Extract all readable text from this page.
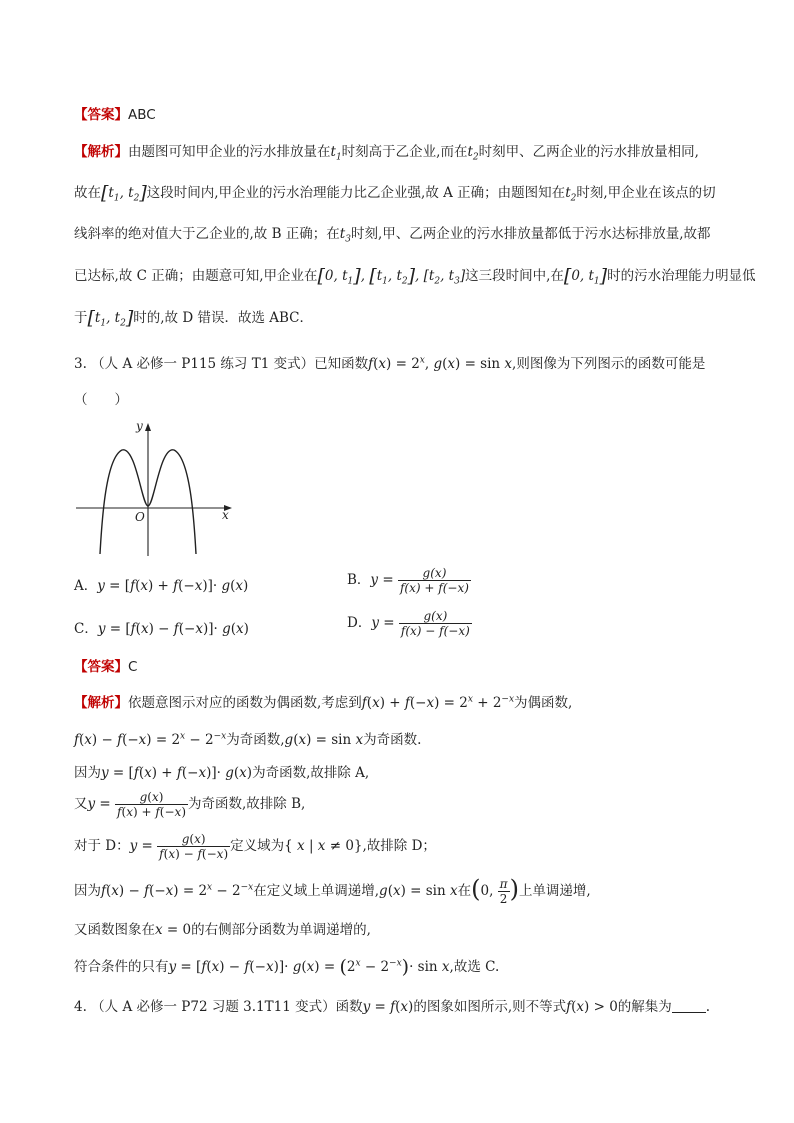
【答案】ABC
【解析】由题图可知甲企业的污水排放量在$t_1$时刻高于乙企业,而在$t_2$时刻甲、乙两企业的污水排放量相同,
故在[$t_1$, $t_2$]这段时间内,甲企业的污水治理能力比乙企业强,故 A 正确；由题图知在$t_2$时刻,甲企业在该点的切
线斜率的绝对值大于乙企业的,故 B 正确；在$t_3$时刻,甲、乙两企业的污水排放量都低于污水达标排放量,故都
已达标,故 C 正确；由题意可知,甲企业在[0, $t_1$], [$t_1$, $t_2$], [$t_2$, $t_3$]这三段时间中,在[0, $t_1$]时的污水治理能力明显低
于[$t_1$, $t_2$]时的,故 D 错误．故选 ABC．
3. （人 A 必修一 P115 练习 T1 变式）已知函数$f(x) = 2^x$, g(x) = sin x,则图像为下列图示的函数可能是
（　　）
y
x
O
A．y = [f(x) + f(−x)]· g(x)	B．$y = \frac{g(x)}{f(x) + f(-x)}$
C．y = [f(x) − f(−x)]· g(x)	D．$y = \frac{g(x)}{f(x) - f(-x)}$
【答案】C
【解析】依题意图示对应的函数为偶函数,考虑到$f(x) + f(-x) = 2^x + 2^{-x}$为偶函数,
$f(x) - f(-x) = 2^x - 2^{-x}$为奇函数,g(x) = sin x为奇函数.
因为y = [f(x) + f(−x)]· g(x)为奇函数,故排除 A,
又$y = \frac{g(x)}{f(x) + f(-x)}$ 为奇函数,故排除 B,
对于 D：$y = \frac{g(x)}{f(x) - f(-x)}$ 定义域为{ x | x ≠ 0},故排除 D；
因为$f(x) - f(-x) = 2^x - 2^{-x}$在定义域上单调递增,g(x) = sin x在(0, $\frac{\pi}{2}$ )上单调递增,
又函数图象在x = 0的右侧部分函数为单调递增的,
符合条件的只有$y = [f(x) - f(-x)]\cdot g(x) = (2^x - 2^{-x})\cdot \sin x$,故选 C.
4. （人 A 必修一 P72 习题 3.1T11 变式）函数y = f(x)的图象如图所示,则不等式f(x) > 0的解集为	.
